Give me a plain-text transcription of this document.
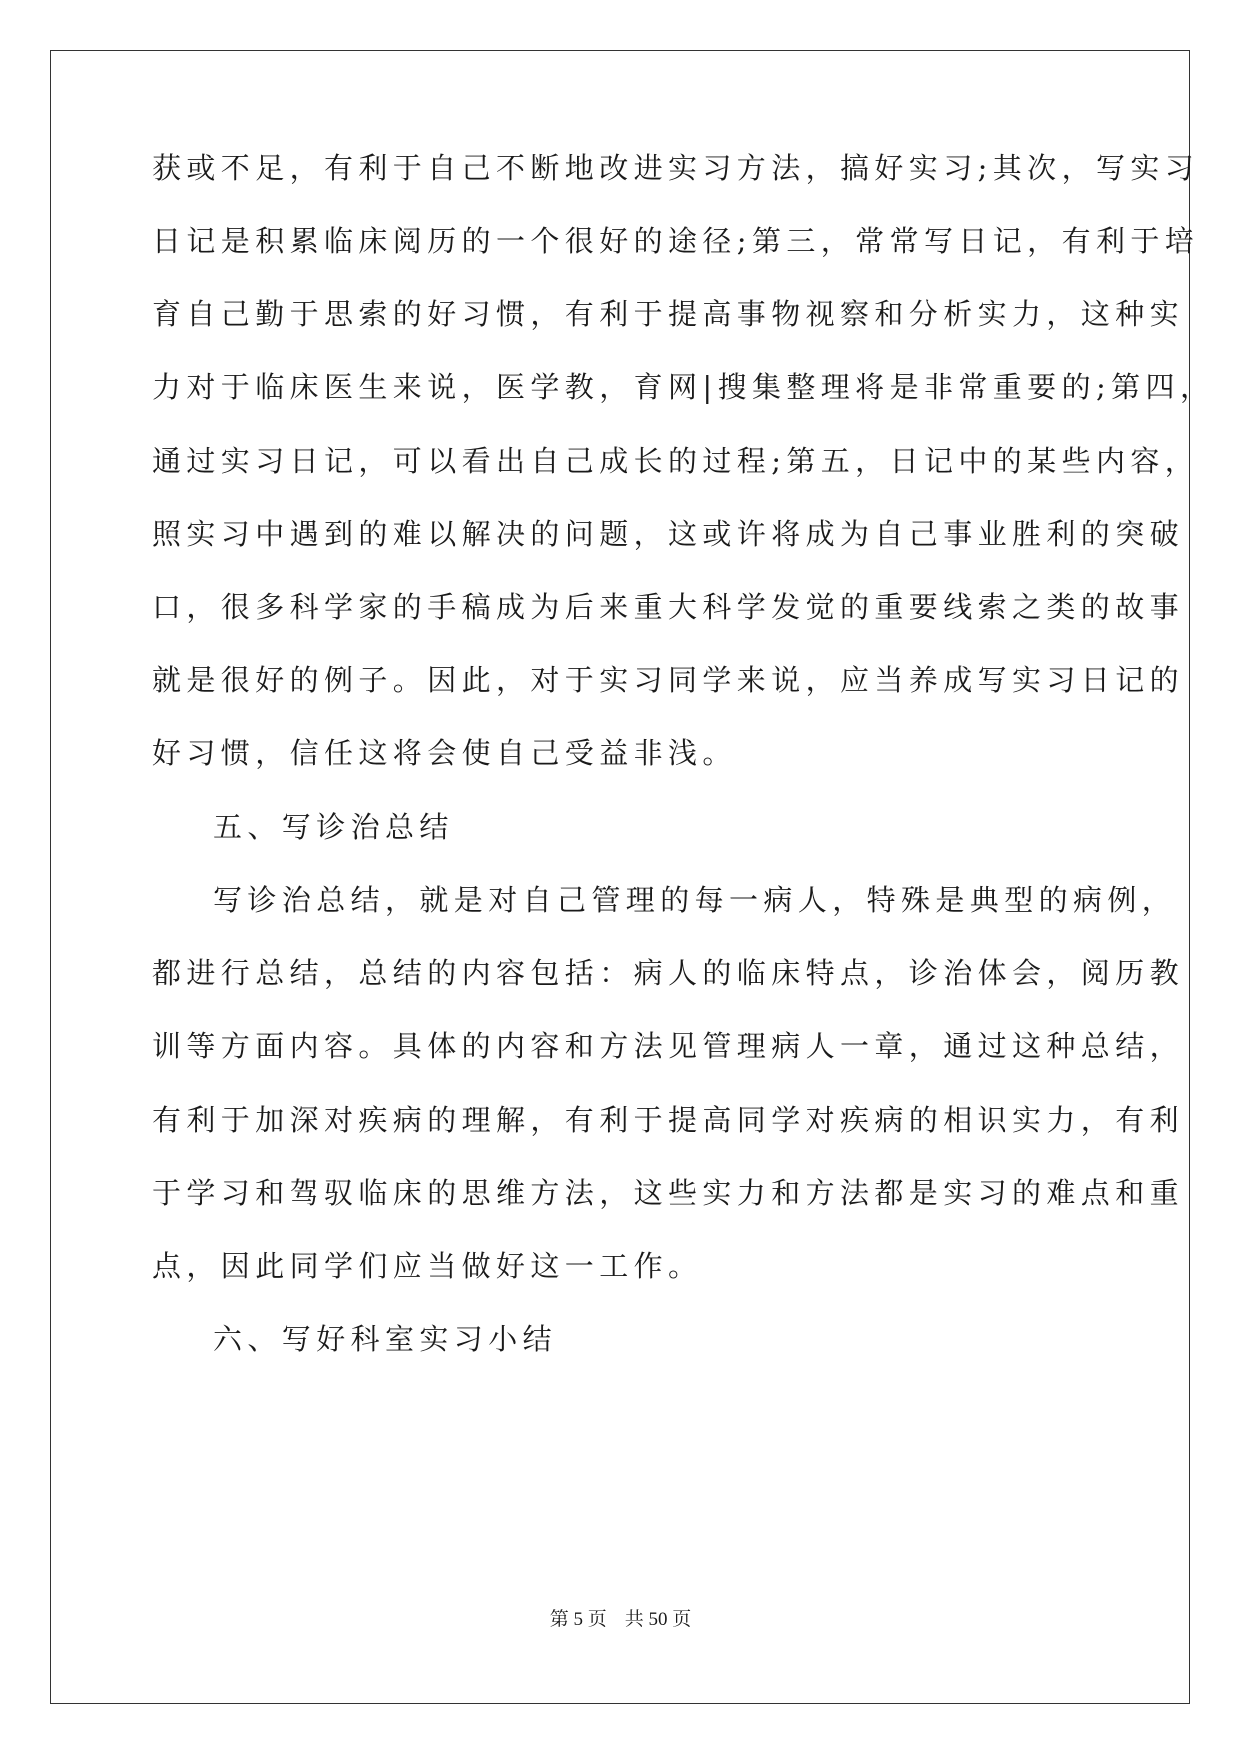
获或不足，有利于自己不断地改进实习方法，搞好实习;其次，写实习
日记是积累临床阅历的一个很好的途径;第三，常常写日记，有利于培
育自己勤于思索的好习惯，有利于提高事物视察和分析实力，这种实
力对于临床医生来说，医学教，育网|搜集整理将是非常重要的;第四，
通过实习日记，可以看出自己成长的过程;第五，日记中的某些内容，
照实习中遇到的难以解决的问题，这或许将成为自己事业胜利的突破
口，很多科学家的手稿成为后来重大科学发觉的重要线索之类的故事
就是很好的例子。因此，对于实习同学来说，应当养成写实习日记的
好习惯，信任这将会使自己受益非浅。
五、写诊治总结
写诊治总结，就是对自己管理的每一病人，特殊是典型的病例，
都进行总结，总结的内容包括：病人的临床特点，诊治体会，阅历教
训等方面内容。具体的内容和方法见管理病人一章，通过这种总结，
有利于加深对疾病的理解，有利于提高同学对疾病的相识实力，有利
于学习和驾驭临床的思维方法，这些实力和方法都是实习的难点和重
点，因此同学们应当做好这一工作。
六、写好科室实习小结
第 5 页 共 50 页
